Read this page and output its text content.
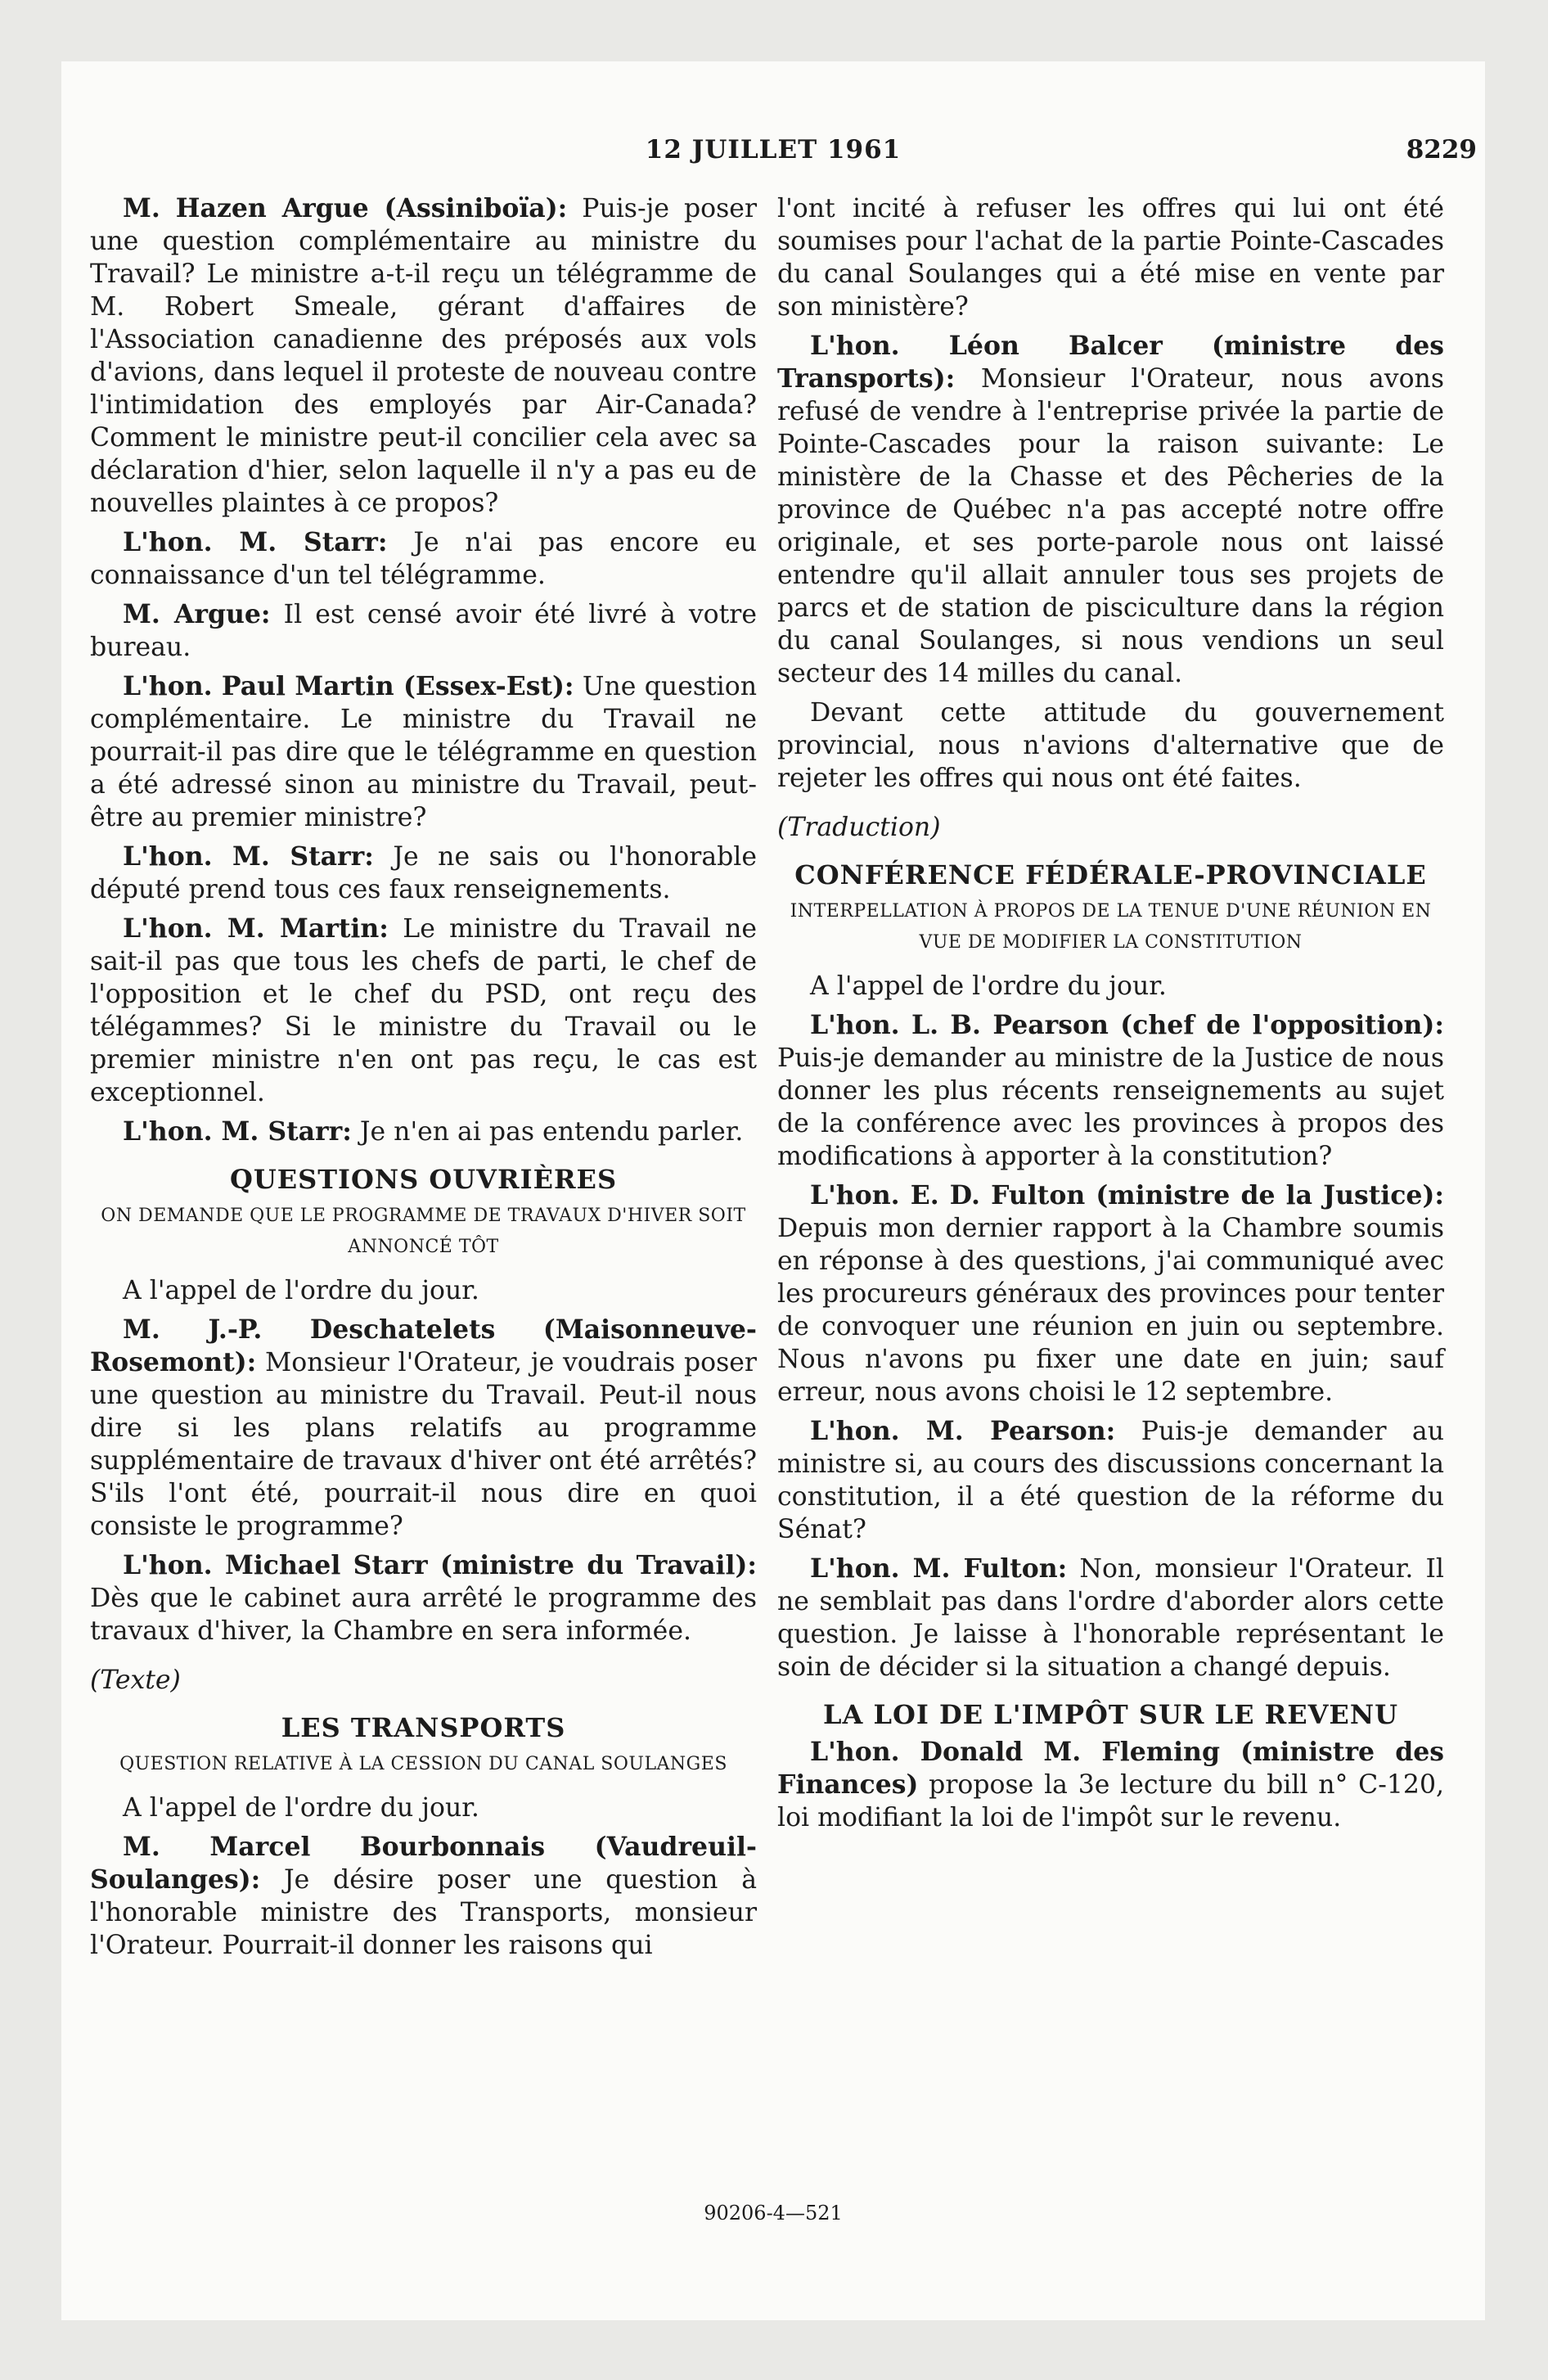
12 JUILLET 1961	8229

M. Hazen Argue (Assiniboïa): Puis-je poser une question complémentaire au ministre du Travail? Le ministre a-t-il reçu un télégramme de M. Robert Smeale, gérant d'affaires de l'Association canadienne des préposés aux vols d'avions, dans lequel il proteste de nouveau contre l'intimidation des employés par Air-Canada? Comment le ministre peut-il concilier cela avec sa déclaration d'hier, selon laquelle il n'y a pas eu de nouvelles plaintes à ce propos?

L'hon. M. Starr: Je n'ai pas encore eu connaissance d'un tel télégramme.

M. Argue: Il est censé avoir été livré à votre bureau.

L'hon. Paul Martin (Essex-Est): Une question complémentaire. Le ministre du Travail ne pourrait-il pas dire que le télégramme en question a été adressé sinon au ministre du Travail, peut-être au premier ministre?

L'hon. M. Starr: Je ne sais ou l'honorable député prend tous ces faux renseignements.

L'hon. M. Martin: Le ministre du Travail ne sait-il pas que tous les chefs de parti, le chef de l'opposition et le chef du PSD, ont reçu des télégammes? Si le ministre du Travail ou le premier ministre n'en ont pas reçu, le cas est exceptionnel.

L'hon. M. Starr: Je n'en ai pas entendu parler.

QUESTIONS OUVRIÈRES
ON DEMANDE QUE LE PROGRAMME DE TRAVAUX D'HIVER SOIT ANNONCÉ TÔT

A l'appel de l'ordre du jour.

M. J.-P. Deschatelets (Maisonneuve-Rosemont): Monsieur l'Orateur, je voudrais poser une question au ministre du Travail. Peut-il nous dire si les plans relatifs au programme supplémentaire de travaux d'hiver ont été arrêtés? S'ils l'ont été, pourrait-il nous dire en quoi consiste le programme?

L'hon. Michael Starr (ministre du Travail): Dès que le cabinet aura arrêté le programme des travaux d'hiver, la Chambre en sera informée.

(Texte)
LES TRANSPORTS
QUESTION RELATIVE À LA CESSION DU CANAL SOULANGES

A l'appel de l'ordre du jour.

M. Marcel Bourbonnais (Vaudreuil-Soulanges): Je désire poser une question à l'honorable ministre des Transports, monsieur l'Orateur. Pourrait-il donner les raisons qui

l'ont incité à refuser les offres qui lui ont été soumises pour l'achat de la partie Pointe-Cascades du canal Soulanges qui a été mise en vente par son ministère?

L'hon. Léon Balcer (ministre des Transports): Monsieur l'Orateur, nous avons refusé de vendre à l'entreprise privée la partie de Pointe-Cascades pour la raison suivante: Le ministère de la Chasse et des Pêcheries de la province de Québec n'a pas accepté notre offre originale, et ses porte-parole nous ont laissé entendre qu'il allait annuler tous ses projets de parcs et de station de pisciculture dans la région du canal Soulanges, si nous vendions un seul secteur des 14 milles du canal.

Devant cette attitude du gouvernement provincial, nous n'avions d'alternative que de rejeter les offres qui nous ont été faites.

(Traduction)
CONFÉRENCE FÉDÉRALE-PROVINCIALE
INTERPELLATION À PROPOS DE LA TENUE D'UNE RÉUNION EN VUE DE MODIFIER LA CONSTITUTION

A l'appel de l'ordre du jour.

L'hon. L. B. Pearson (chef de l'opposition): Puis-je demander au ministre de la Justice de nous donner les plus récents renseignements au sujet de la conférence avec les provinces à propos des modifications à apporter à la constitution?

L'hon. E. D. Fulton (ministre de la Justice): Depuis mon dernier rapport à la Chambre soumis en réponse à des questions, j'ai communiqué avec les procureurs généraux des provinces pour tenter de convoquer une réunion en juin ou septembre. Nous n'avons pu fixer une date en juin; sauf erreur, nous avons choisi le 12 septembre.

L'hon. M. Pearson: Puis-je demander au ministre si, au cours des discussions concernant la constitution, il a été question de la réforme du Sénat?

L'hon. M. Fulton: Non, monsieur l'Orateur. Il ne semblait pas dans l'ordre d'aborder alors cette question. Je laisse à l'honorable représentant le soin de décider si la situation a changé depuis.

LA LOI DE L'IMPÔT SUR LE REVENU

L'hon. Donald M. Fleming (ministre des Finances) propose la 3e lecture du bill n° C-120, loi modifiant la loi de l'impôt sur le revenu.

90206-4—521
